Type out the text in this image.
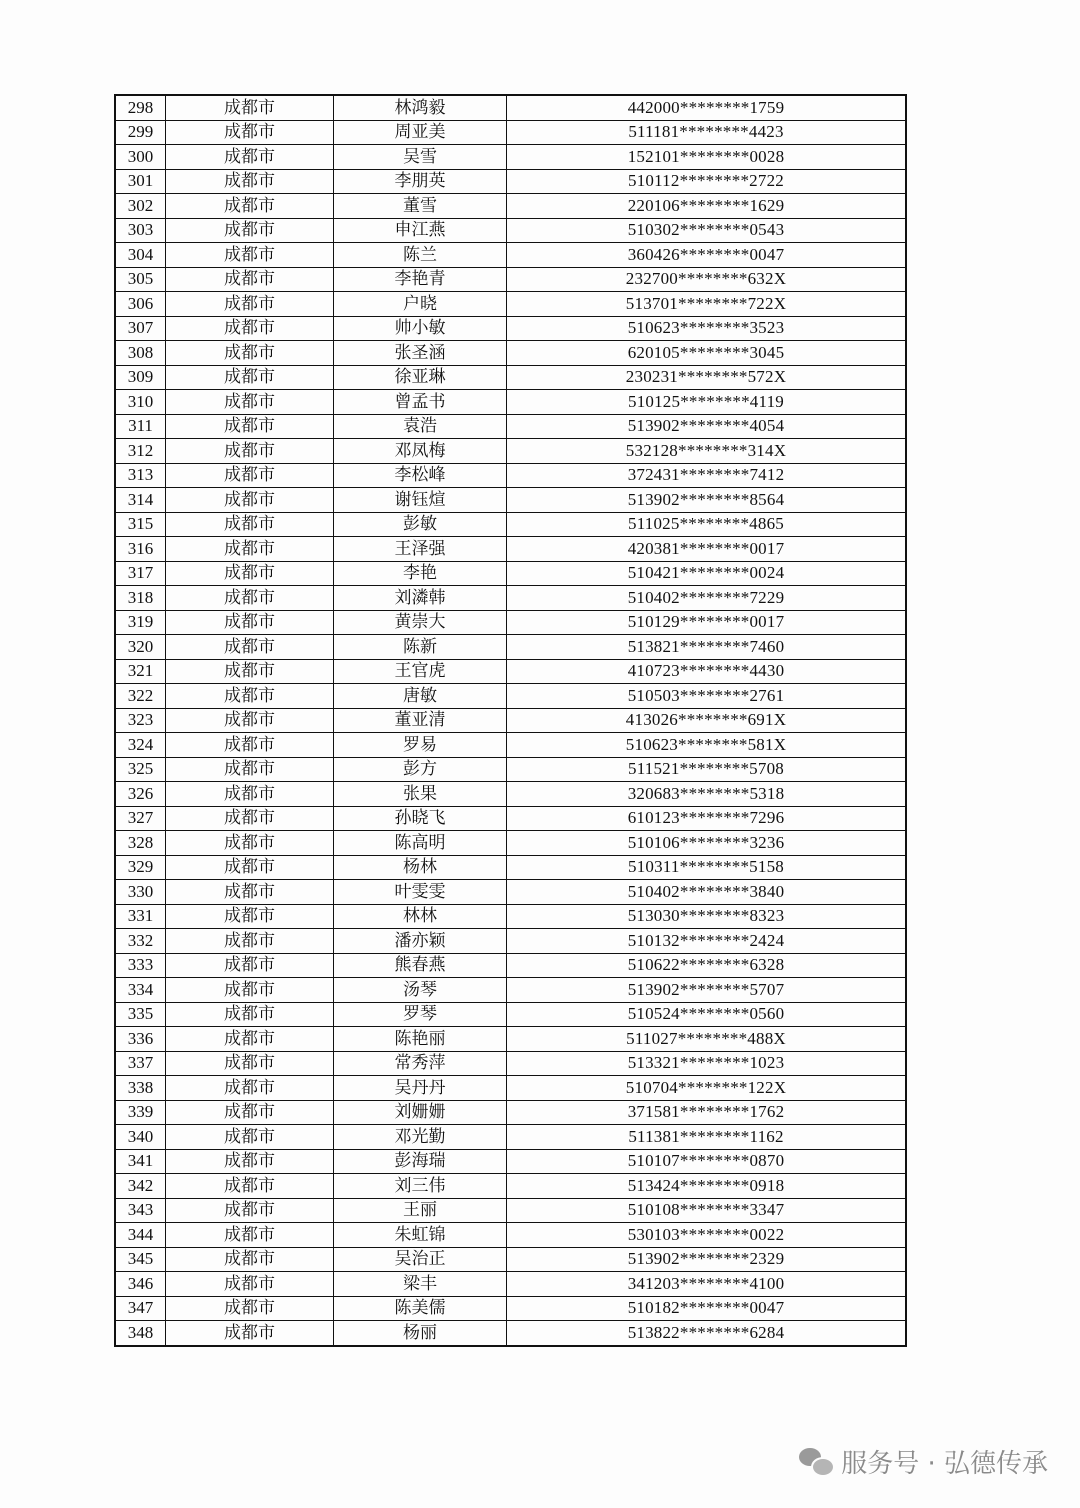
298	成都市	林鸿毅	442000********1759
299	成都市	周亚美	511181********4423
300	成都市	吴雪	152101********0028
301	成都市	李朋英	510112********2722
302	成都市	董雪	220106********1629
303	成都市	申江燕	510302********0543
304	成都市	陈兰	360426********0047
305	成都市	李艳青	232700********632X
306	成都市	户晓	513701********722X
307	成都市	帅小敏	510623********3523
308	成都市	张圣涵	620105********3045
309	成都市	徐亚琳	230231********572X
310	成都市	曾孟书	510125********4119
311	成都市	袁浩	513902********4054
312	成都市	邓凤梅	532128********314X
313	成都市	李松峰	372431********7412
314	成都市	谢钰煊	513902********8564
315	成都市	彭敏	511025********4865
316	成都市	王泽强	420381********0017
317	成都市	李艳	510421********0024
318	成都市	刘潾韩	510402********7229
319	成都市	黄崇大	510129********0017
320	成都市	陈新	513821********7460
321	成都市	王官虎	410723********4430
322	成都市	唐敏	510503********2761
323	成都市	董亚清	413026********691X
324	成都市	罗易	510623********581X
325	成都市	彭方	511521********5708
326	成都市	张果	320683********5318
327	成都市	孙晓飞	610123********7296
328	成都市	陈高明	510106********3236
329	成都市	杨林	510311********5158
330	成都市	叶雯雯	510402********3840
331	成都市	林林	513030********8323
332	成都市	潘亦颖	510132********2424
333	成都市	熊春燕	510622********6328
334	成都市	汤琴	513902********5707
335	成都市	罗琴	510524********0560
336	成都市	陈艳丽	511027********488X
337	成都市	常秀萍	513321********1023
338	成都市	吴丹丹	510704********122X
339	成都市	刘姗姗	371581********1762
340	成都市	邓光勤	511381********1162
341	成都市	彭海瑞	510107********0870
342	成都市	刘三伟	513424********0918
343	成都市	王丽	510108********3347
344	成都市	朱虹锦	530103********0022
345	成都市	吴治正	513902********2329
346	成都市	梁丰	341203********4100
347	成都市	陈美儒	510182********0047
348	成都市	杨丽	513822********6284
服务号 · 弘德传承
